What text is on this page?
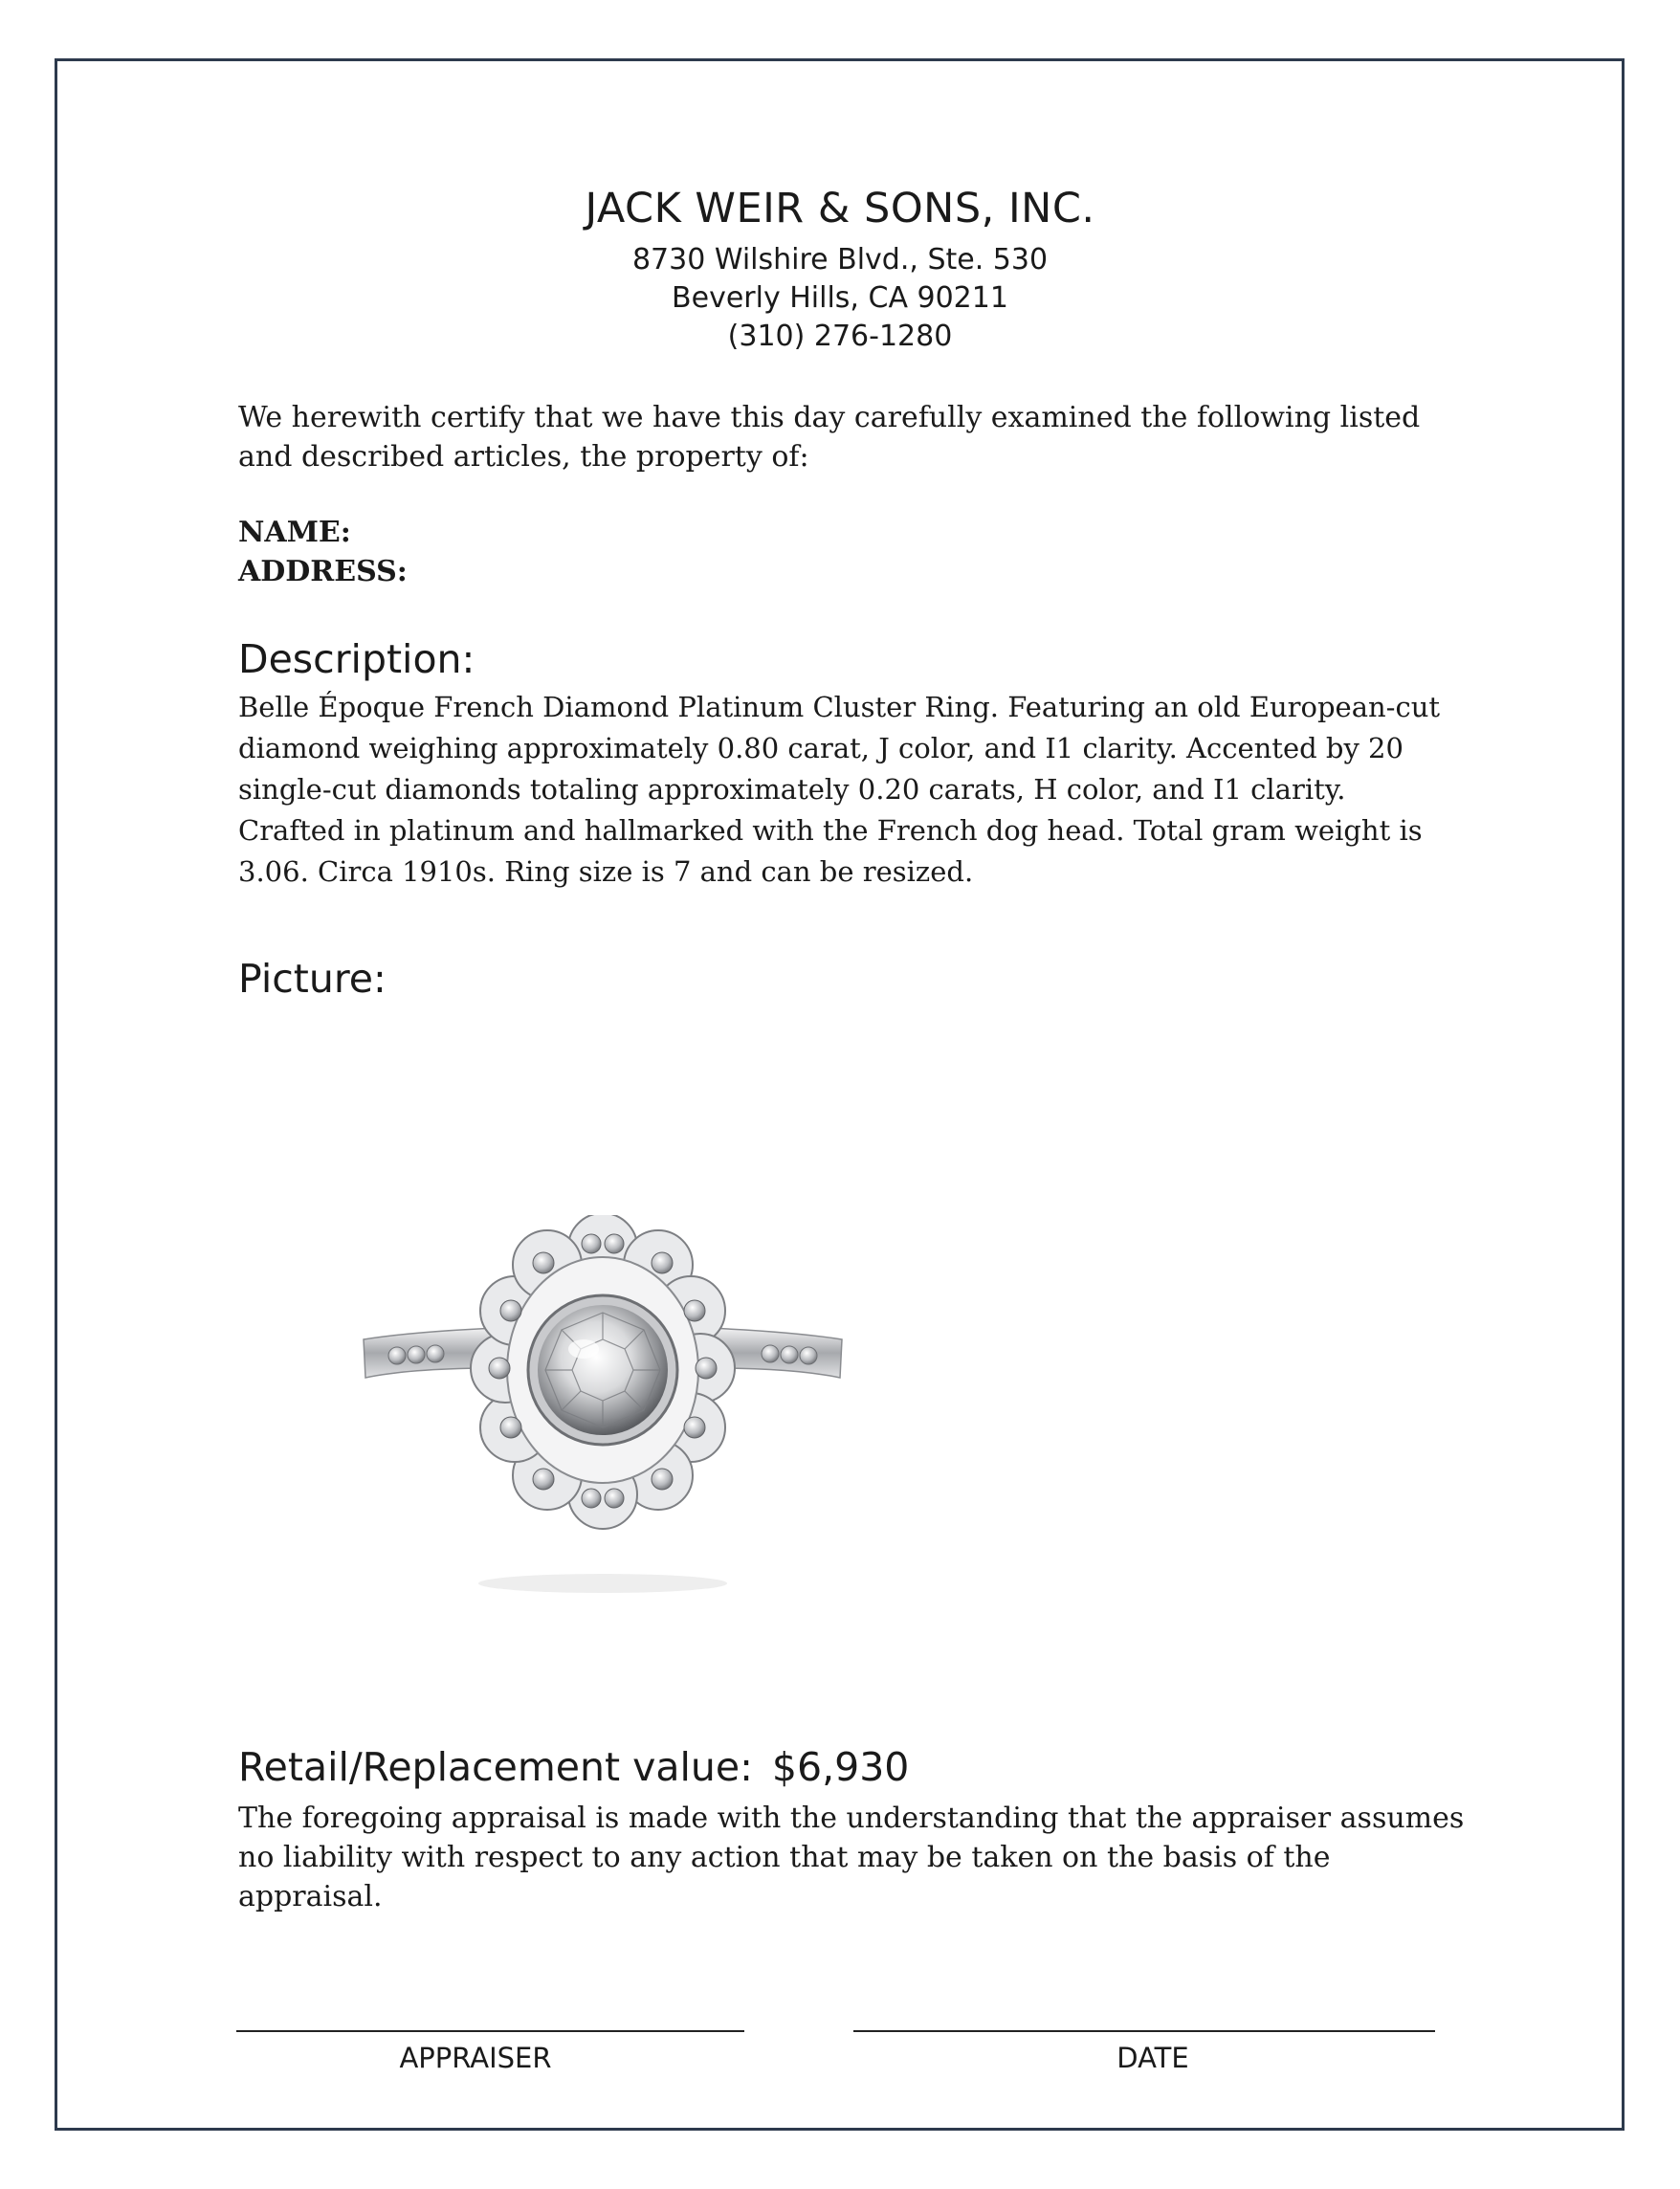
JACK WEIR & SONS, INC.
8730 Wilshire Blvd., Ste. 530
Beverly Hills, CA 90211
(310) 276-1280
We herewith certify that we have this day carefully examined the following listed and described articles, the property of:
NAME:
ADDRESS:
Description:
Belle Époque French Diamond Platinum Cluster Ring. Featuring an old European-cut diamond weighing approximately 0.80 carat, J color, and I1 clarity. Accented by 20 single-cut diamonds totaling approximately 0.20 carats, H color, and I1 clarity. Crafted in platinum and hallmarked with the French dog head. Total gram weight is 3.06. Circa 1910s. Ring size is 7 and can be resized.
Picture:
Retail/Replacement value: $6,930
The foregoing appraisal is made with the understanding that the appraiser assumes no liability with respect to any action that may be taken on the basis of the appraisal.
APPRAISER	DATE
